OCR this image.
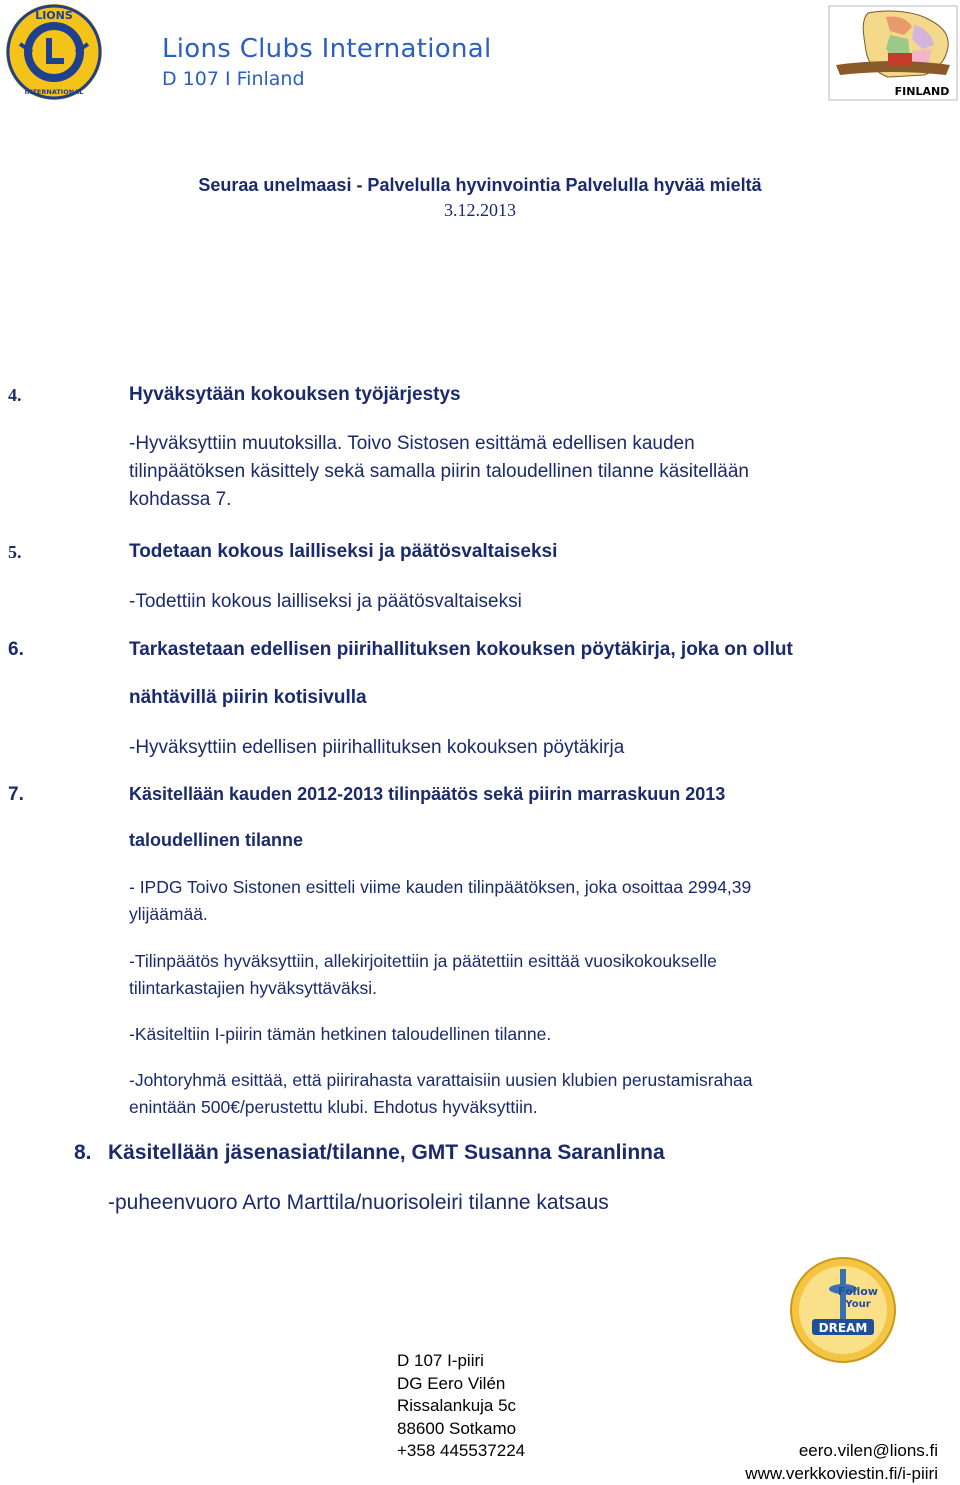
LIONS
INTERNATIONAL
Lions Clubs International
D 107 I Finland
FINLAND
Seuraa unelmaasi - Palvelulla hyvinvointia Palvelulla hyvää mieltä
3.12.2013
4.	Hyväksytään kokouksen työjärjestys
-Hyväksyttiin muutoksilla. Toivo Sistosen esittämä edellisen kauden
tilinpäätöksen käsittely sekä samalla piirin taloudellinen tilanne käsitellään
kohdassa 7.
5.	Todetaan kokous lailliseksi ja päätösvaltaiseksi
-Todettiin kokous lailliseksi ja päätösvaltaiseksi
6.	Tarkastetaan edellisen piirihallituksen kokouksen pöytäkirja, joka on ollut
nähtävillä piirin kotisivulla
-Hyväksyttiin edellisen piirihallituksen kokouksen pöytäkirja
7.	Käsitellään kauden 2012-2013 tilinpäätös sekä piirin marraskuun 2013
taloudellinen tilanne
- IPDG Toivo Sistonen esitteli viime kauden tilinpäätöksen, joka osoittaa 2994,39
ylijäämää.
-Tilinpäätös hyväksyttiin, allekirjoitettiin ja päätettiin esittää vuosikokoukselle
tilintarkastajien hyväksyttäväksi.
-Käsiteltiin I-piirin tämän hetkinen taloudellinen tilanne.
-Johtoryhmä esittää, että piirirahasta varattaisiin uusien klubien perustamisrahaa
enintään 500€/perustettu klubi. Ehdotus hyväksyttiin.
8. Käsitellään jäsenasiat/tilanne, GMT Susanna Saranlinna
-puheenvuoro Arto Marttila/nuorisoleiri tilanne katsaus
Follow
Your
DREAM
D 107 I-piiri
DG Eero Vilén
Rissalankuja 5c
88600 Sotkamo
+358 445537224	eero.vilen@lions.fi
www.verkkoviestin.fi/i-piiri
